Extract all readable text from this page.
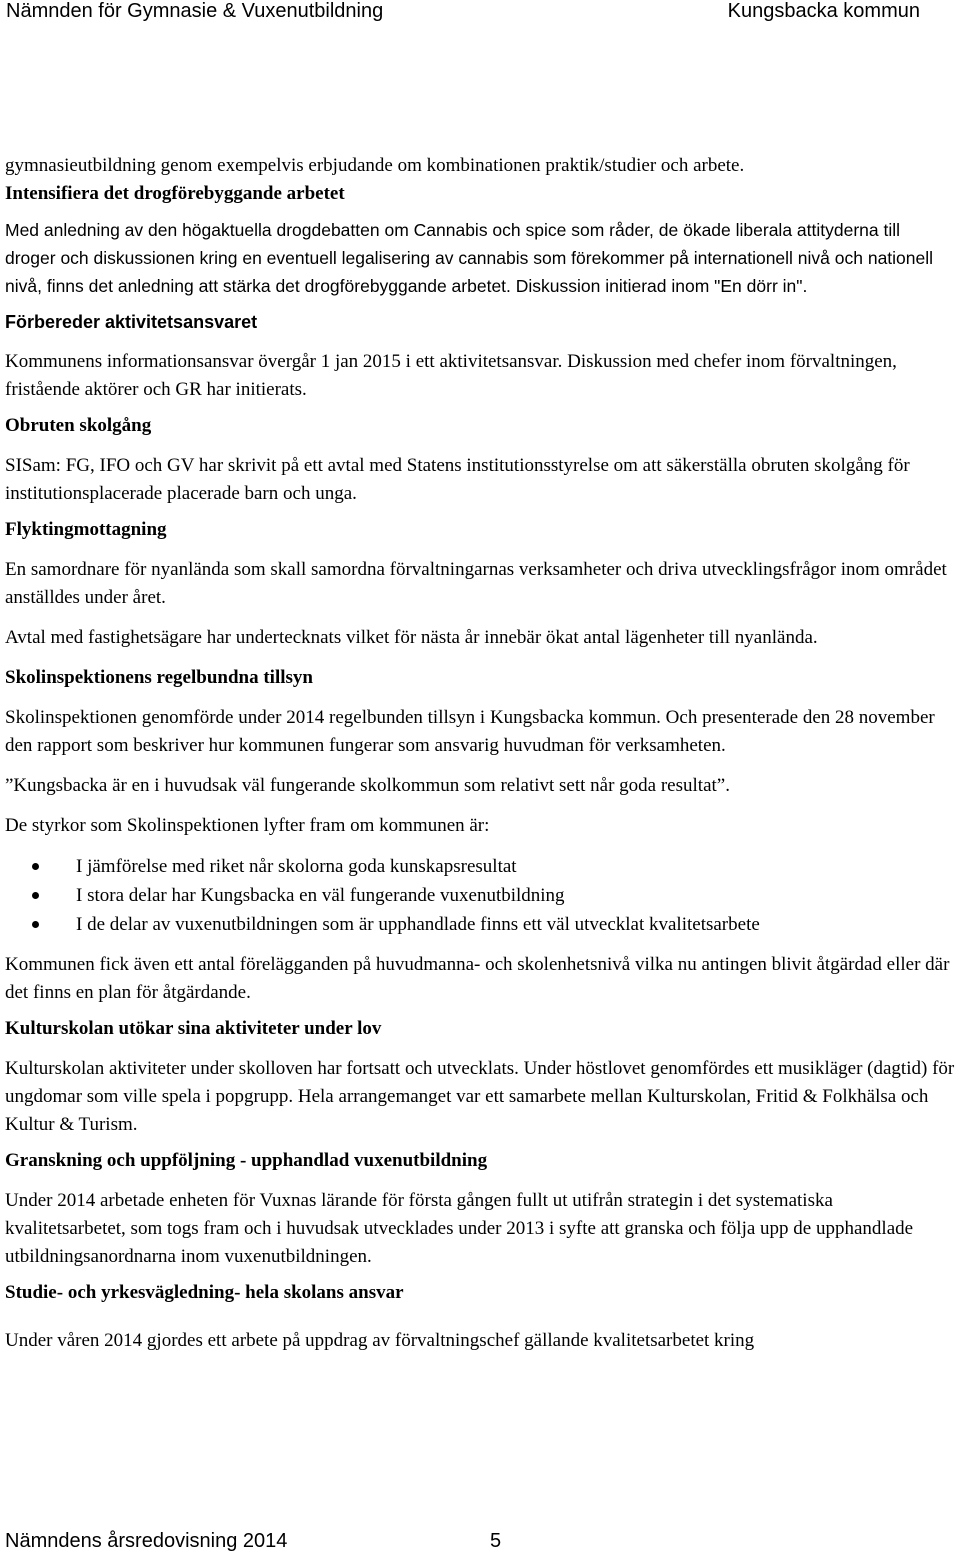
Nämnden för Gymnasie & Vuxenutbildning	Kungsbacka kommun

gymnasieutbildning genom exempelvis erbjudande om kombinationen praktik/studier och arbete.

Intensifiera det drogförebyggande arbetet

Med anledning av den högaktuella drogdebatten om Cannabis och spice som råder, de ökade liberala attityderna till droger och diskussionen kring en eventuell legalisering av cannabis som förekommer på internationell nivå och nationell nivå, finns det anledning att stärka det drogförebyggande arbetet. Diskussion initierad inom "En dörr in".

Förbereder aktivitetsansvaret

Kommunens informationsansvar övergår 1 jan 2015 i ett aktivitetsansvar. Diskussion med chefer inom förvaltningen, fristående aktörer och GR har initierats.

Obruten skolgång

SISam: FG, IFO och GV har skrivit på ett avtal med Statens institutionsstyrelse om att säkerställa obruten skolgång för institutionsplacerade placerade barn och unga.

Flyktingmottagning

En samordnare för nyanlända som skall samordna förvaltningarnas verksamheter och driva utvecklingsfrågor inom området anställdes under året.

Avtal med fastighetsägare har undertecknats vilket för nästa år innebär ökat antal lägenheter till nyanlända.

Skolinspektionens regelbundna tillsyn

Skolinspektionen genomförde under 2014 regelbunden tillsyn i Kungsbacka kommun. Och presenterade den 28 november den rapport som beskriver hur kommunen fungerar som ansvarig huvudman för verksamheten.

”Kungsbacka är en i huvudsak väl fungerande skolkommun som relativt sett når goda resultat”.

De styrkor som Skolinspektionen lyfter fram om kommunen är:

I jämförelse med riket når skolorna goda kunskapsresultat
I stora delar har Kungsbacka en väl fungerande vuxenutbildning
I de delar av vuxenutbildningen som är upphandlade finns ett väl utvecklat kvalitetsarbete

Kommunen fick även ett antal förelägganden på huvudmanna- och skolenhetsnivå vilka nu antingen blivit åtgärdad eller där det finns en plan för åtgärdande.

Kulturskolan utökar sina aktiviteter under lov

Kulturskolan aktiviteter under skolloven har fortsatt och utvecklats. Under höstlovet genomfördes ett musikläger (dagtid) för ungdomar som ville spela i popgrupp. Hela arrangemanget var ett samarbete mellan Kulturskolan, Fritid & Folkhälsa och Kultur & Turism.

Granskning och uppföljning - upphandlad vuxenutbildning

Under 2014 arbetade enheten för Vuxnas lärande för första gången fullt ut utifrån strategin i det systematiska kvalitetsarbetet, som togs fram och i huvudsak utvecklades under 2013 i syfte att granska och följa upp de upphandlade utbildningsanordnarna inom vuxenutbildningen.

Studie- och yrkesvägledning- hela skolans ansvar

Under våren 2014 gjordes ett arbete på uppdrag av förvaltningschef gällande kvalitetsarbetet kring

Nämndens årsredovisning 2014	5
